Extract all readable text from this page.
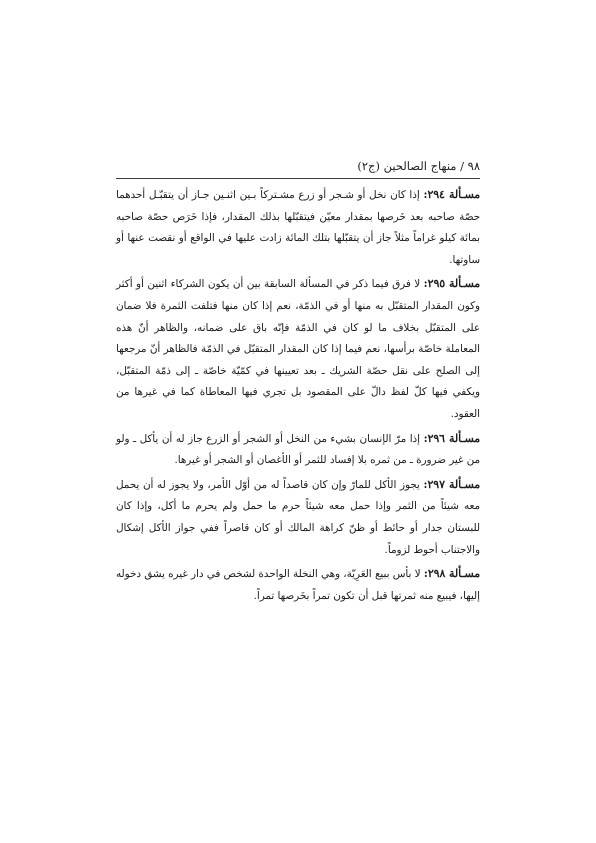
٩٨ / منهاج الصالحين (ج٢)

مسـألة ٢٩٤: إذا كان نخل أو شـجر أو زرع مشـتركاً بـين اثنـين جـاز أن يتقبّـل أحدهما حصّة صاحبه بعد خَرصها بمقدار معيّن فيتقبّلها بذلك المقدار، فإذا خَرَص حصّة صاحبه بمائة كيلو غراماً مثلاً جاز أن يتقبّلها بتلك المائة زادت عليها في الواقع أو نقصت عنها أو ساوتها.

مسـألة ٢٩٥: لا فرق فيما ذكر في المسألة السابقة بين أن يكون الشركاء اثنين أو أكثر وكون المقدار المتقبّل به منها أو في الذمّة، نعم إذا كان منها فتلفت الثمرة فلا ضمان على المتقبّل بخلاف ما لو كان في الذمّة فإنّه باق على ضمانه، والظاهر أنّ هذه المعاملة خاصّة برأسها، نعم فيما إذا كان المقدار المتقبّل في الذمّة فالظاهر أنّ مرجعها إلى الصلح على نقل حصّة الشريك ـ بعد تعيينها في كمّيّة خاصّة ـ إلى ذمّة المتقبّل، ويكفي فيها كلّ لفظ دالّ على المقصود بل تجري فيها المعاطاة كما في غيرها من العقود.

مسـألة ٢٩٦: إذا مرّ الإنسان بشيء من النخل أو الشجر أو الزرع جاز له أن يأكل ـ ولو من غير ضرورة ـ من ثمره بلا إفساد للثمر أو الأغصان أو الشجر أو غيرها.

مسـألة ٢٩٧: يجوز الأكل للمارّ وإن كان قاصداً له من أوّل الأمر، ولا يجوز له أن يحمل معه شيئاً من الثمر وإذا حمل معه شيئاً حرم ما حمل ولم يحرم ما أكل، وإذا كان للبستان جدار أو حائط أو ظنّ كراهة المالك أو كان قاصراً ففي جواز الأكل إشكال والاجتناب أحوط لزوماً.

مسـألة ٢٩٨: لا بأس ببيع العَرِيّة، وهي النخلة الواحدة لشخص في دار غيره يشق دخوله إليها، فيبيع منه ثمرتها قبل أن تكون تمراً بخَرصها تمراً.
